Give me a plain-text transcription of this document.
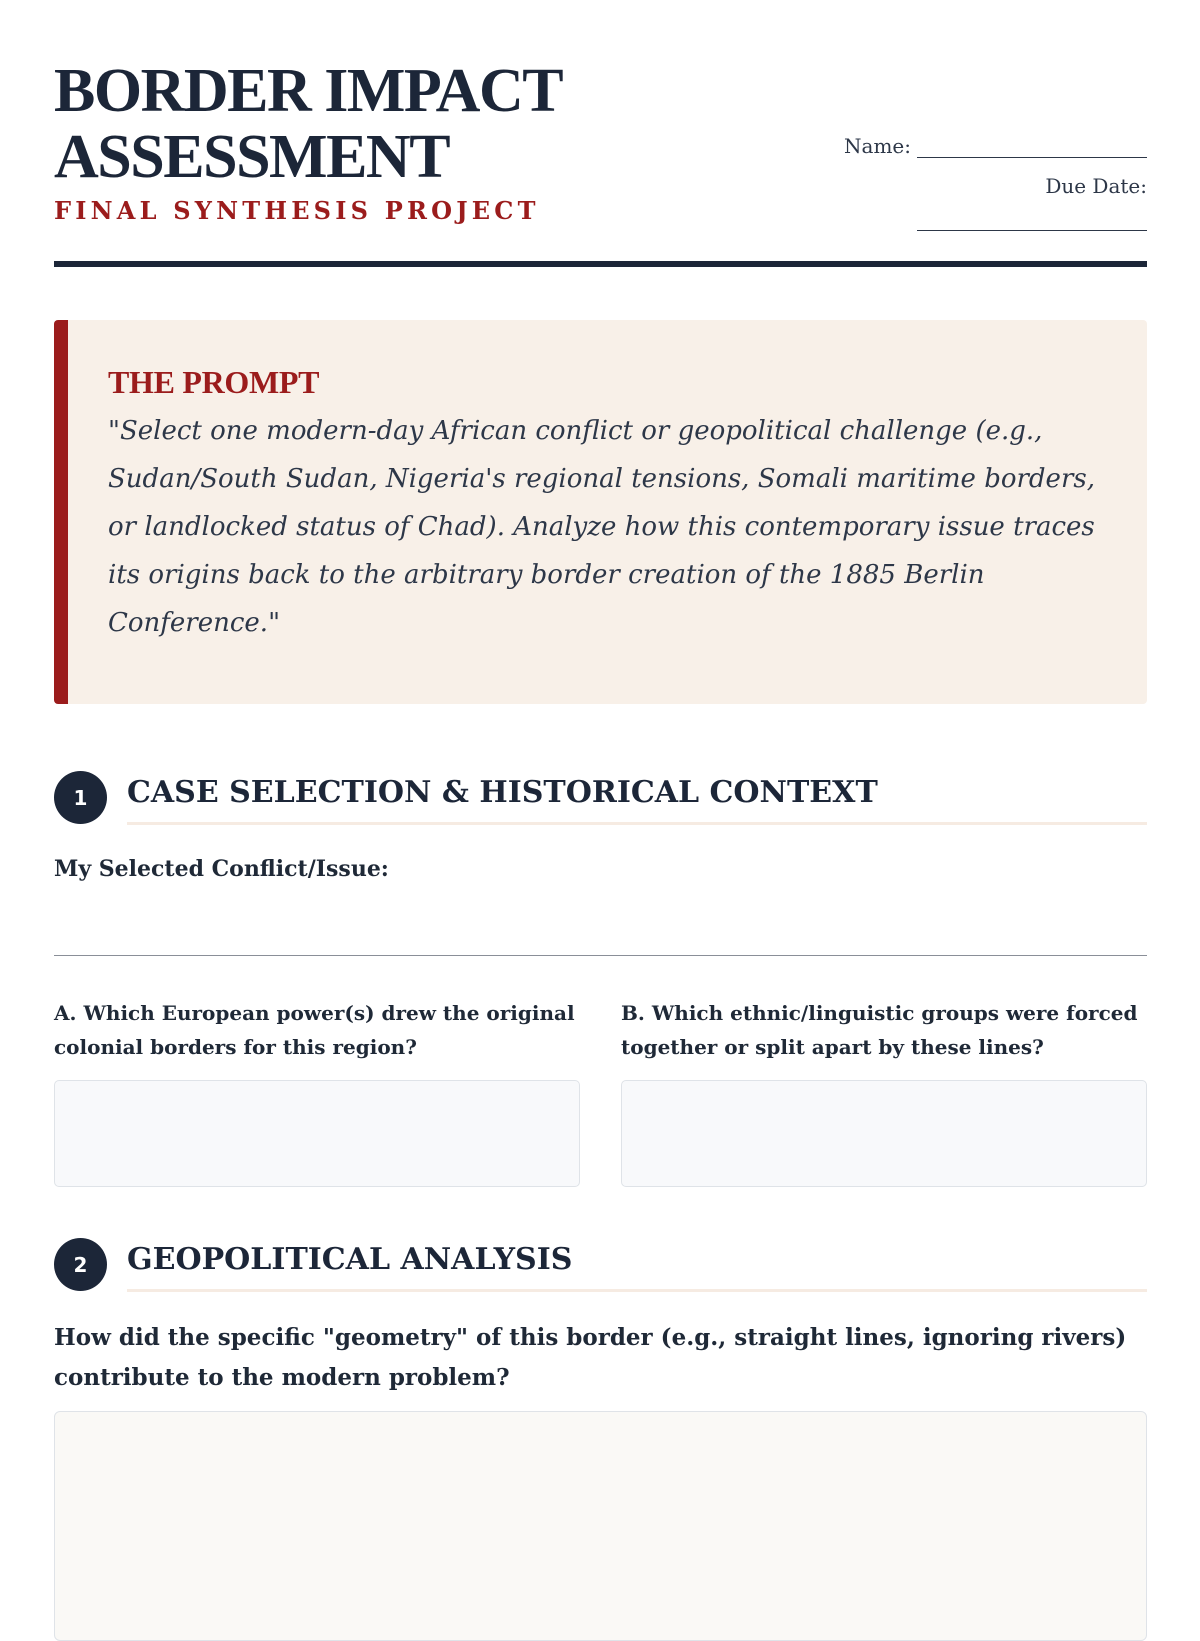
BORDER IMPACT
ASSESSMENT

FINAL SYNTHESIS PROJECT

Name:
Due Date:
THE PROMPT

"Select one modern-day African conflict or geopolitical challenge (e.g., Sudan/South Sudan, Nigeria's regional tensions, Somali maritime borders, or landlocked status of Chad). Analyze how this contemporary issue traces its origins back to the arbitrary border creation of the 1885 Berlin Conference."

1	CASE SELECTION & HISTORICAL CONTEXT

My Selected Conflict/Issue:

A. Which European power(s) drew the original colonial borders for this region?

B. Which ethnic/linguistic groups were forced together or split apart by these lines?

2	GEOPOLITICAL ANALYSIS

How did the specific "geometry" of this border (e.g., straight lines, ignoring rivers) contribute to the modern problem?
